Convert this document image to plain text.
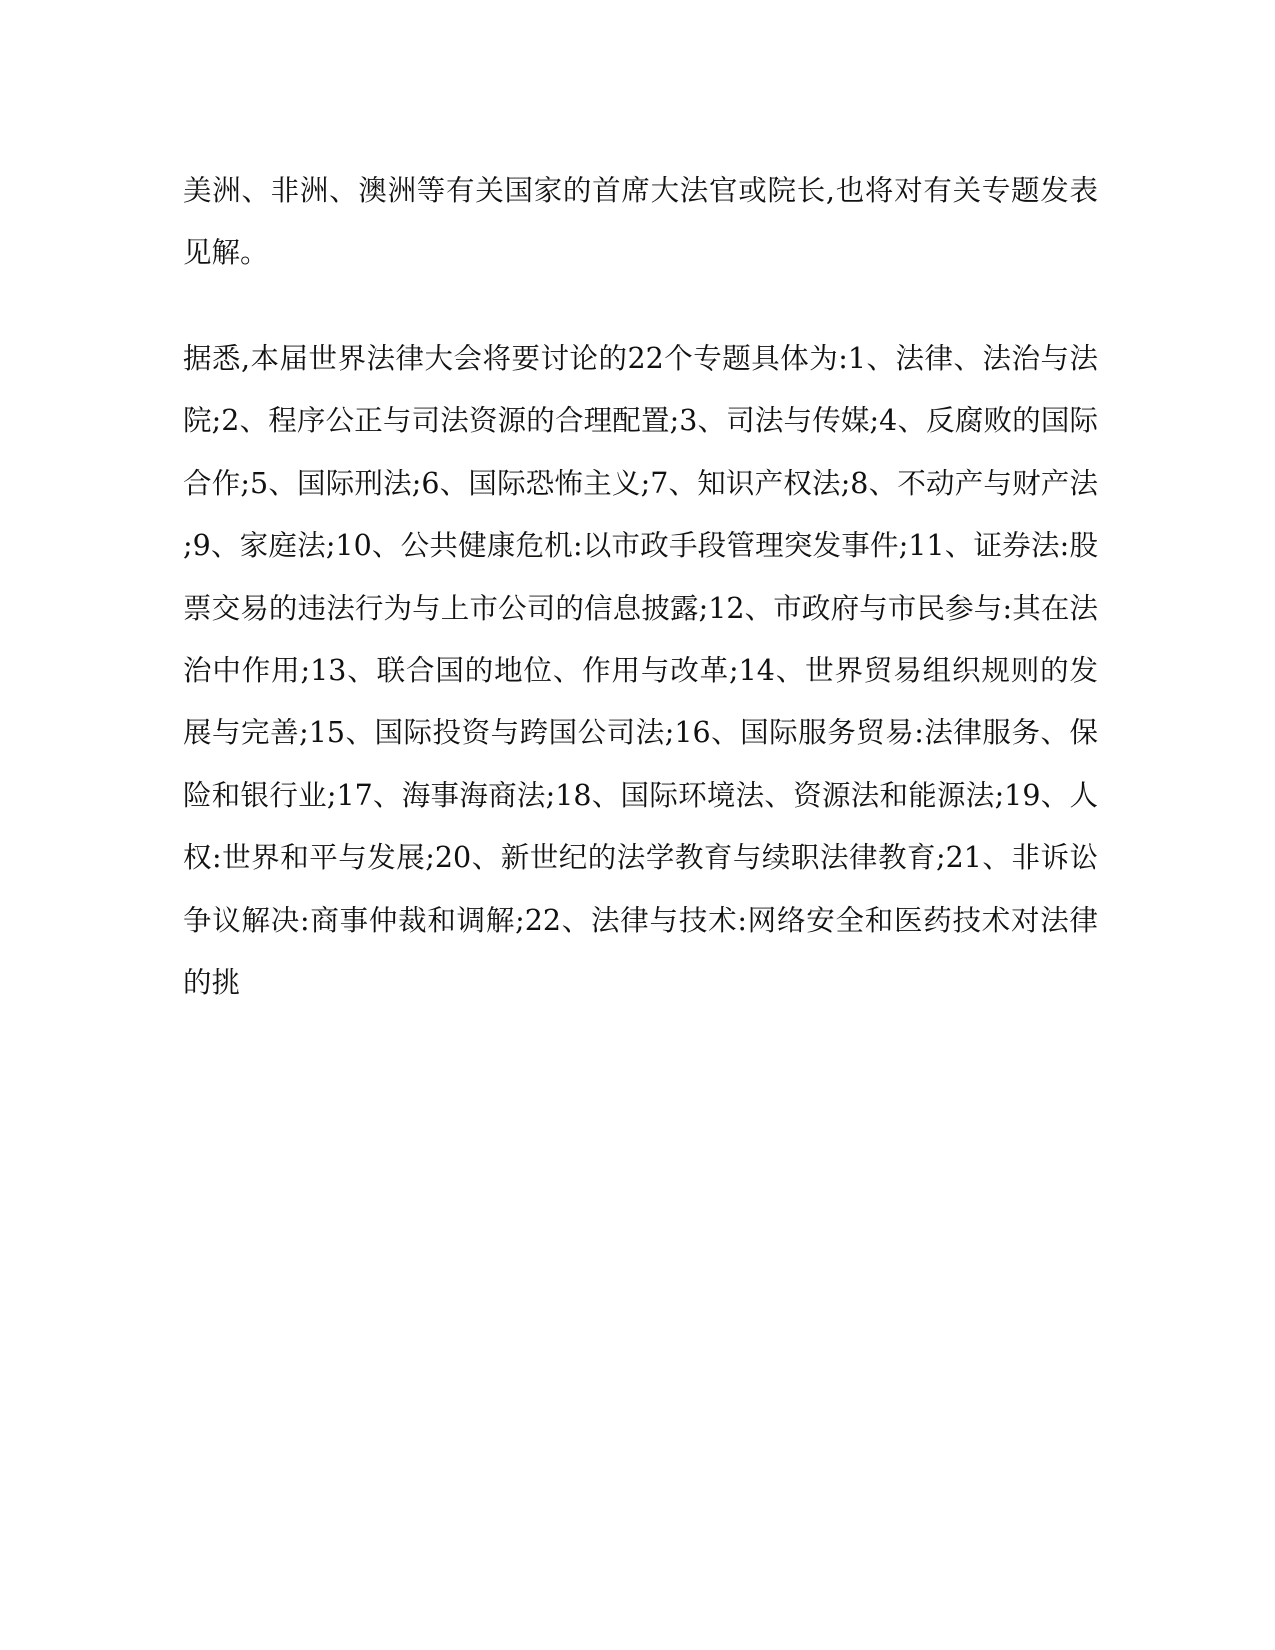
美洲、非洲、澳洲等有关国家的首席大法官或院长,也将对有关专题发表见解。

据悉,本届世界法律大会将要讨论的22个专题具体为:1、法律、法治与法院;2、程序公正与司法资源的合理配置;3、司法与传媒;4、反腐败的国际合作;5、国际刑法;6、国际恐怖主义;7、知识产权法;8、不动产与财产法;9、家庭法;10、公共健康危机:以市政手段管理突发事件;11、证券法:股票交易的违法行为与上市公司的信息披露;12、市政府与市民参与:其在法治中作用;13、联合国的地位、作用与改革;14、世界贸易组织规则的发展与完善;15、国际投资与跨国公司法;16、国际服务贸易:法律服务、保险和银行业;17、海事海商法;18、国际环境法、资源法和能源法;19、人权:世界和平与发展;20、新世纪的法学教育与续职法律教育;21、非诉讼争议解决:商事仲裁和调解;22、法律与技术:网络安全和医药技术对法律的挑
